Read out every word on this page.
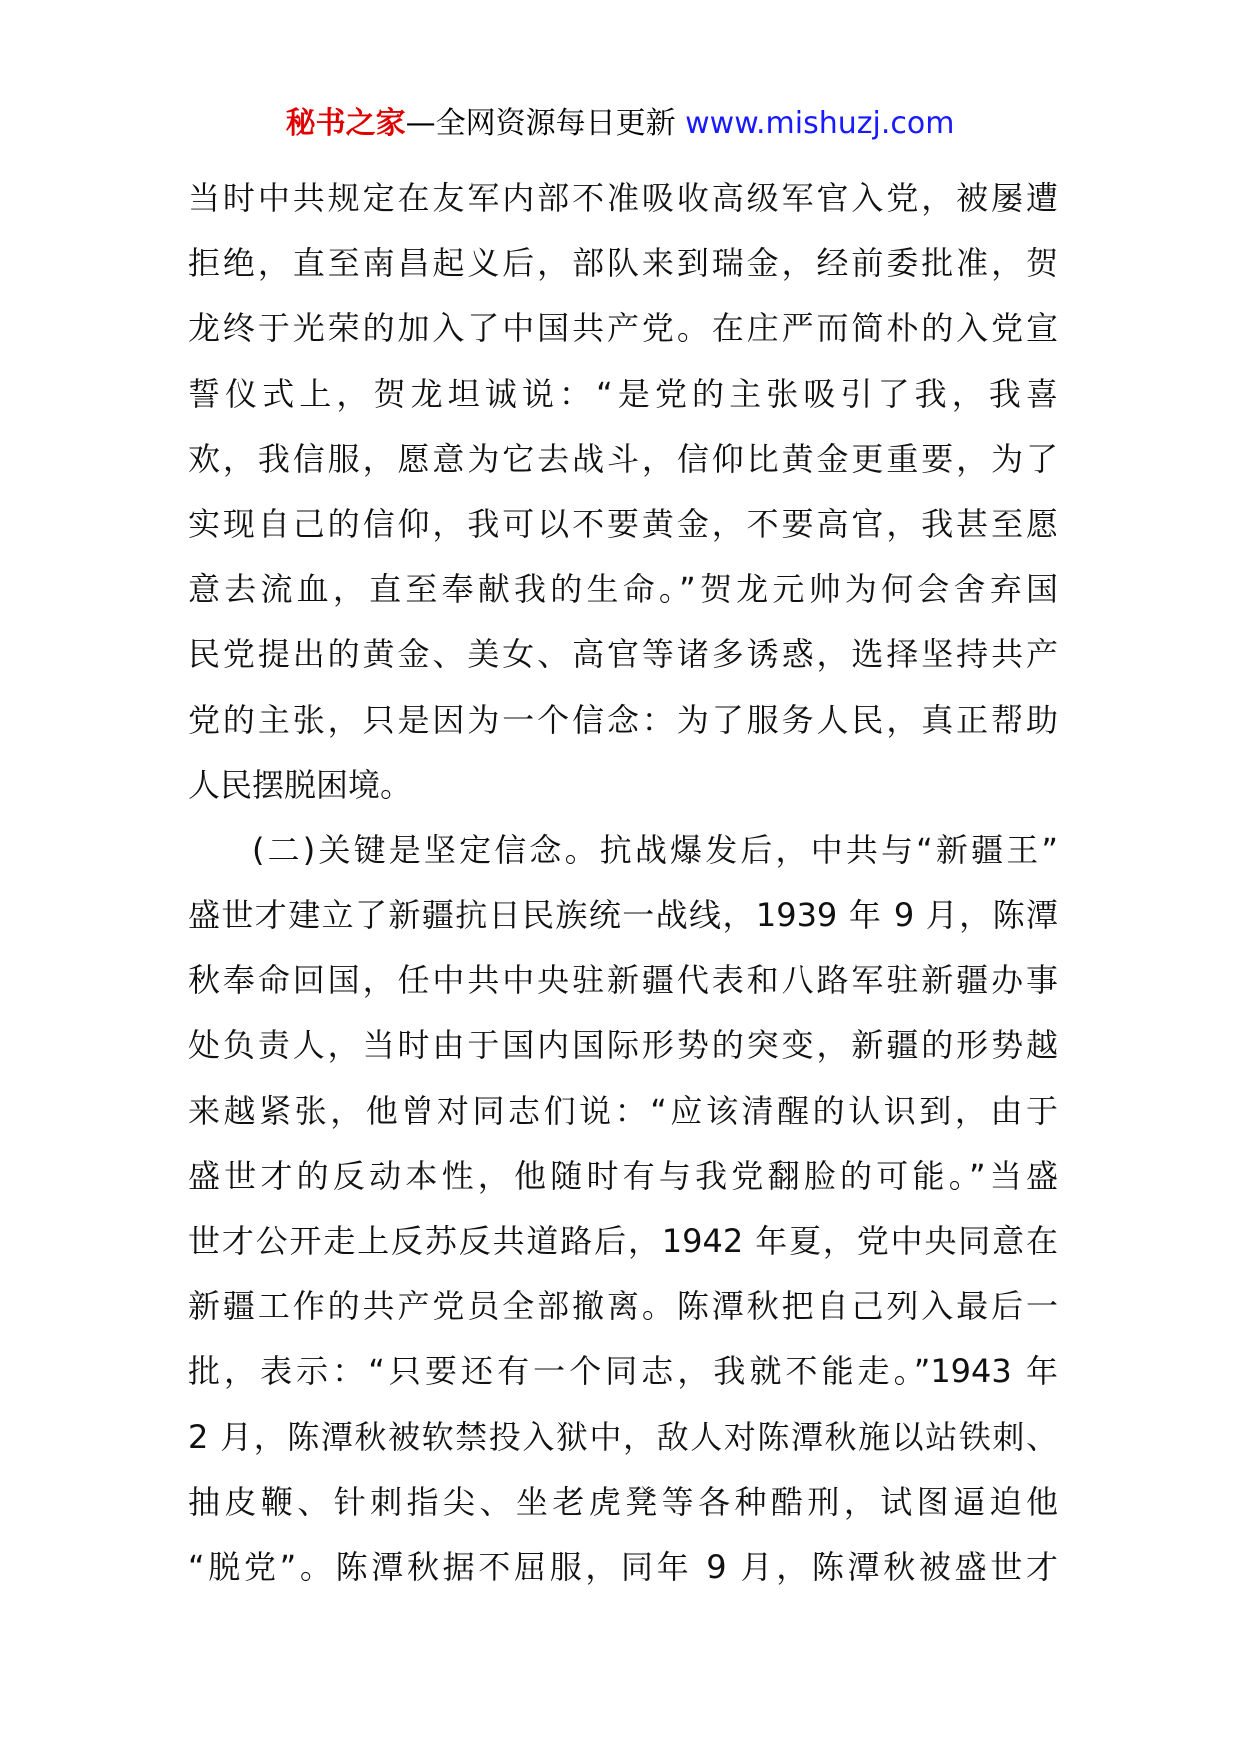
秘书之家—全网资源每日更新 www.mishuzj.com
当时中共规定在友军内部不准吸收高级军官入党，被屡遭
拒绝，直至南昌起义后，部队来到瑞金，经前委批准，贺
龙终于光荣的加入了中国共产党。在庄严而简朴的入党宣
誓仪式上，贺龙坦诚说：“是党的主张吸引了我，我喜
欢，我信服，愿意为它去战斗，信仰比黄金更重要，为了
实现自己的信仰，我可以不要黄金，不要高官，我甚至愿
意去流血，直至奉献我的生命。”贺龙元帅为何会舍弃国
民党提出的黄金、美女、高官等诸多诱惑，选择坚持共产
党的主张，只是因为一个信念：为了服务人民，真正帮助
人民摆脱困境。
(二)关键是坚定信念。抗战爆发后，中共与“新疆王”
盛世才建立了新疆抗日民族统一战线，1939 年 9 月，陈潭
秋奉命回国，任中共中央驻新疆代表和八路军驻新疆办事
处负责人，当时由于国内国际形势的突变，新疆的形势越
来越紧张，他曾对同志们说：“应该清醒的认识到，由于
盛世才的反动本性，他随时有与我党翻脸的可能。”当盛
世才公开走上反苏反共道路后，1942 年夏，党中央同意在
新疆工作的共产党员全部撤离。陈潭秋把自己列入最后一
批，表示：“只要还有一个同志，我就不能走。”1943 年
2 月，陈潭秋被软禁投入狱中，敌人对陈潭秋施以站铁刺、
抽皮鞭、针刺指尖、坐老虎凳等各种酷刑，试图逼迫他
“脱党”。陈潭秋据不屈服，同年 9 月，陈潭秋被盛世才
